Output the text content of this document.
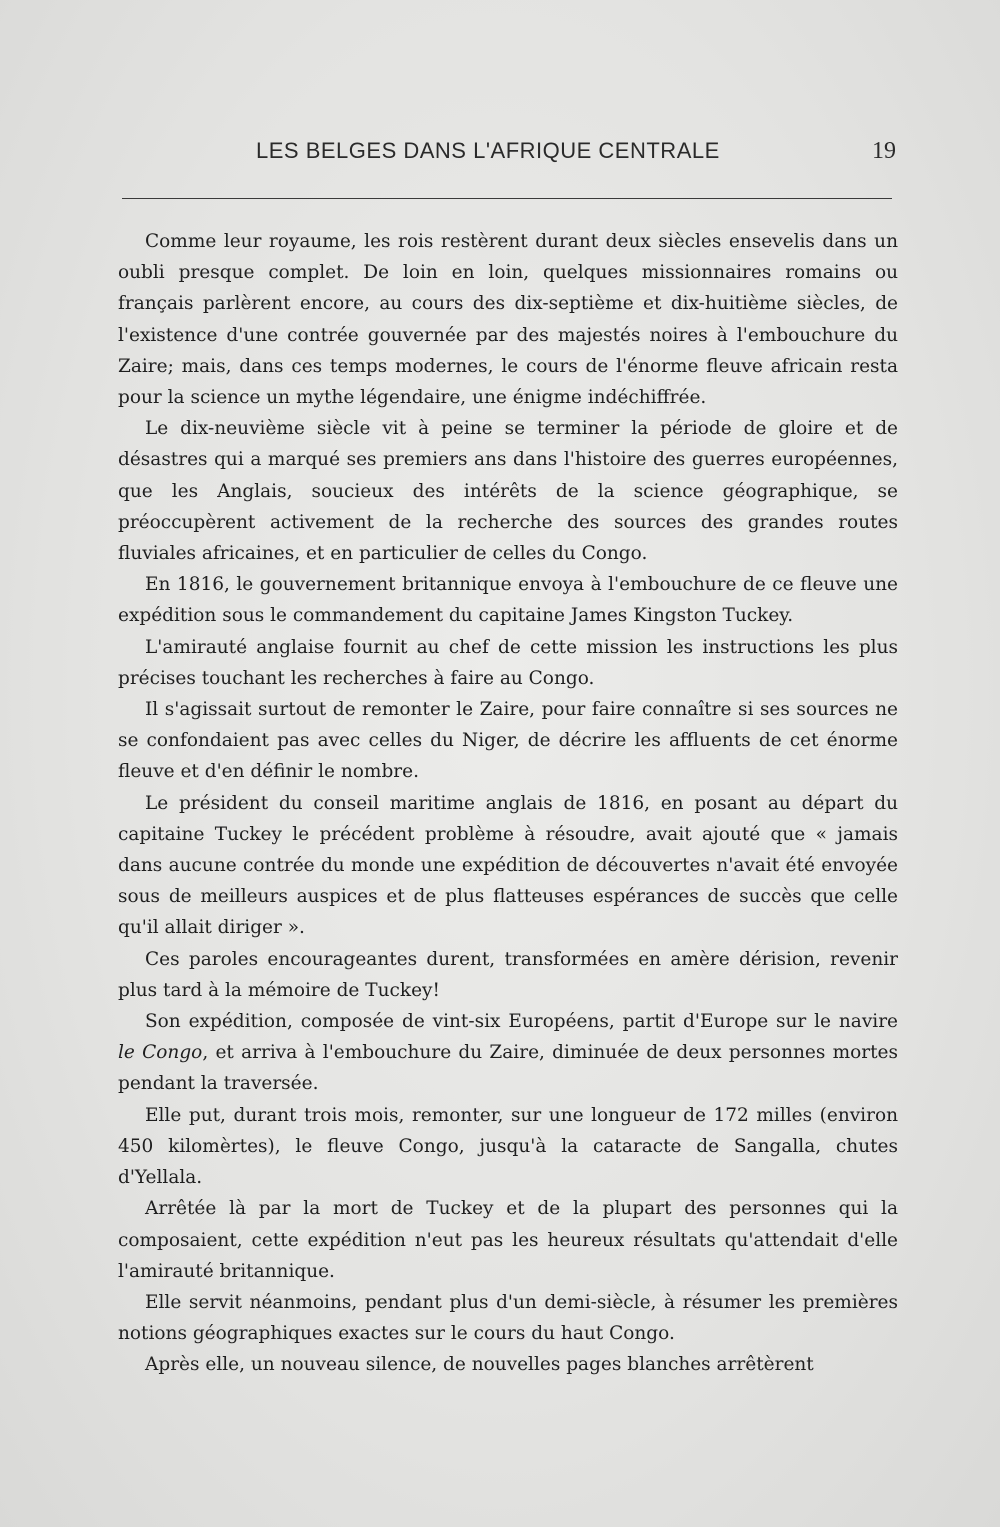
LES BELGES DANS L'AFRIQUE CENTRALE	19

Comme leur royaume, les rois restèrent durant deux siècles ensevelis dans un oubli presque complet. De loin en loin, quelques missionnaires romains ou français parlèrent encore, au cours des dix-septième et dix-huitième siècles, de l'existence d'une contrée gouvernée par des majestés noires à l'embouchure du Zaire; mais, dans ces temps modernes, le cours de l'énorme fleuve africain resta pour la science un mythe légendaire, une énigme indéchiffrée.

Le dix-neuvième siècle vit à peine se terminer la période de gloire et de désastres qui a marqué ses premiers ans dans l'histoire des guerres européennes, que les Anglais, soucieux des intérêts de la science géographique, se préoccupèrent activement de la recherche des sources des grandes routes fluviales africaines, et en particulier de celles du Congo.

En 1816, le gouvernement britannique envoya à l'embouchure de ce fleuve une expédition sous le commandement du capitaine James Kingston Tuckey.

L'amirauté anglaise fournit au chef de cette mission les instructions les plus précises touchant les recherches à faire au Congo.

Il s'agissait surtout de remonter le Zaire, pour faire connaître si ses sources ne se confondaient pas avec celles du Niger, de décrire les affluents de cet énorme fleuve et d'en définir le nombre.

Le président du conseil maritime anglais de 1816, en posant au départ du capitaine Tuckey le précédent problème à résoudre, avait ajouté que « jamais dans aucune contrée du monde une expédition de découvertes n'avait été envoyée sous de meilleurs auspices et de plus flatteuses espérances de succès que celle qu'il allait diriger ».

Ces paroles encourageantes durent, transformées en amère dérision, revenir plus tard à la mémoire de Tuckey!

Son expédition, composée de vint-six Européens, partit d'Europe sur le navire le Congo, et arriva à l'embouchure du Zaire, diminuée de deux personnes mortes pendant la traversée.

Elle put, durant trois mois, remonter, sur une longueur de 172 milles (environ 450 kilomèrtes), le fleuve Congo, jusqu'à la cataracte de Sangalla, chutes d'Yellala.

Arrêtée là par la mort de Tuckey et de la plupart des personnes qui la composaient, cette expédition n'eut pas les heureux résultats qu'attendait d'elle l'amirauté britannique.

Elle servit néanmoins, pendant plus d'un demi-siècle, à résumer les premières notions géographiques exactes sur le cours du haut Congo.

Après elle, un nouveau silence, de nouvelles pages blanches arrêtèrent
